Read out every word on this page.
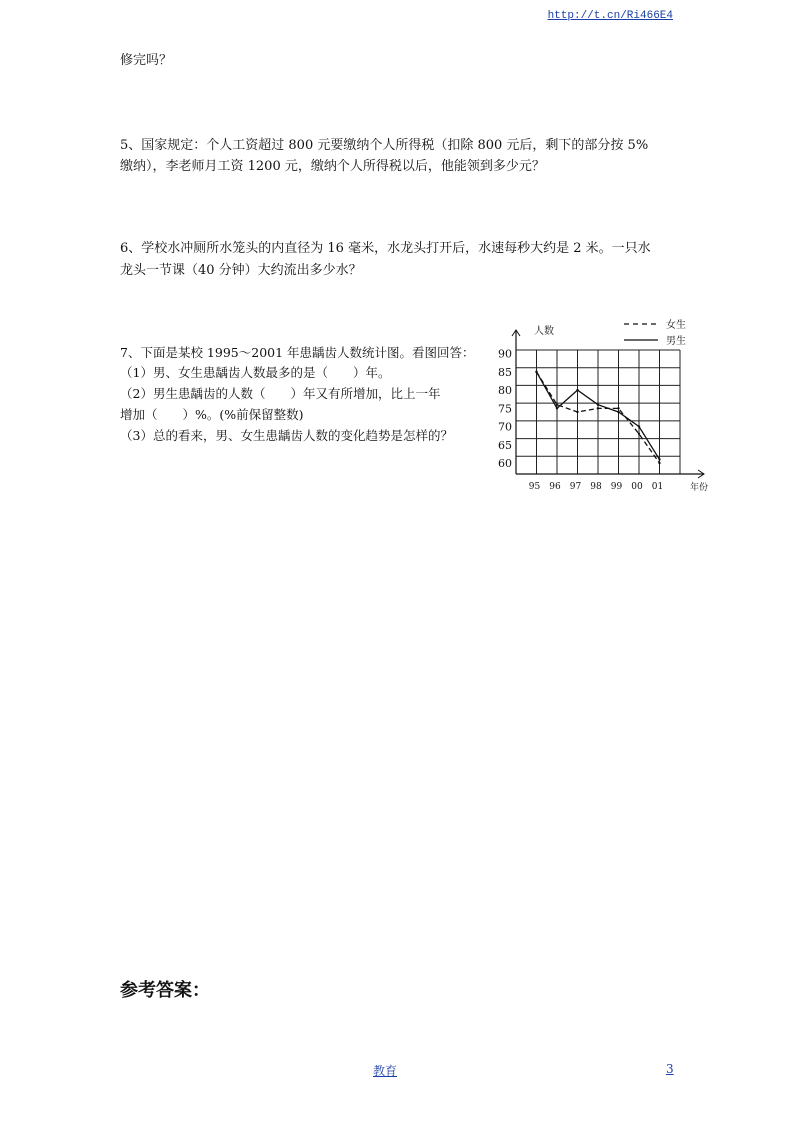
http://t.cn/Ri466E4
修完吗？
5、国家规定：个人工资超过 800 元要缴纳个人所得税（扣除 800 元后，剩下的部分按 5%
缴纳），李老师月工资 1200 元，缴纳个人所得税以后，他能领到多少元？
6、学校水冲厕所水笼头的内直径为 16 毫米，水龙头打开后，水速每秒大约是 2 米。一只水
龙头一节课（40 分钟）大约流出多少水？
7、下面是某校 1995～2001 年患龋齿人数统计图。看图回答：
（1）男、女生患龋齿人数最多的是（　　）年。
（2）男生患龋齿的人数（　　）年又有所增加，比上一年
增加（　　）%。(%前保留整数)
（3）总的看来，男、女生患龋齿人数的变化趋势是怎样的？
90
85
80
75
70
65
60
95 96 97 98 99 00 01
人数
年份
女生
男生
参考答案：
教育	3
